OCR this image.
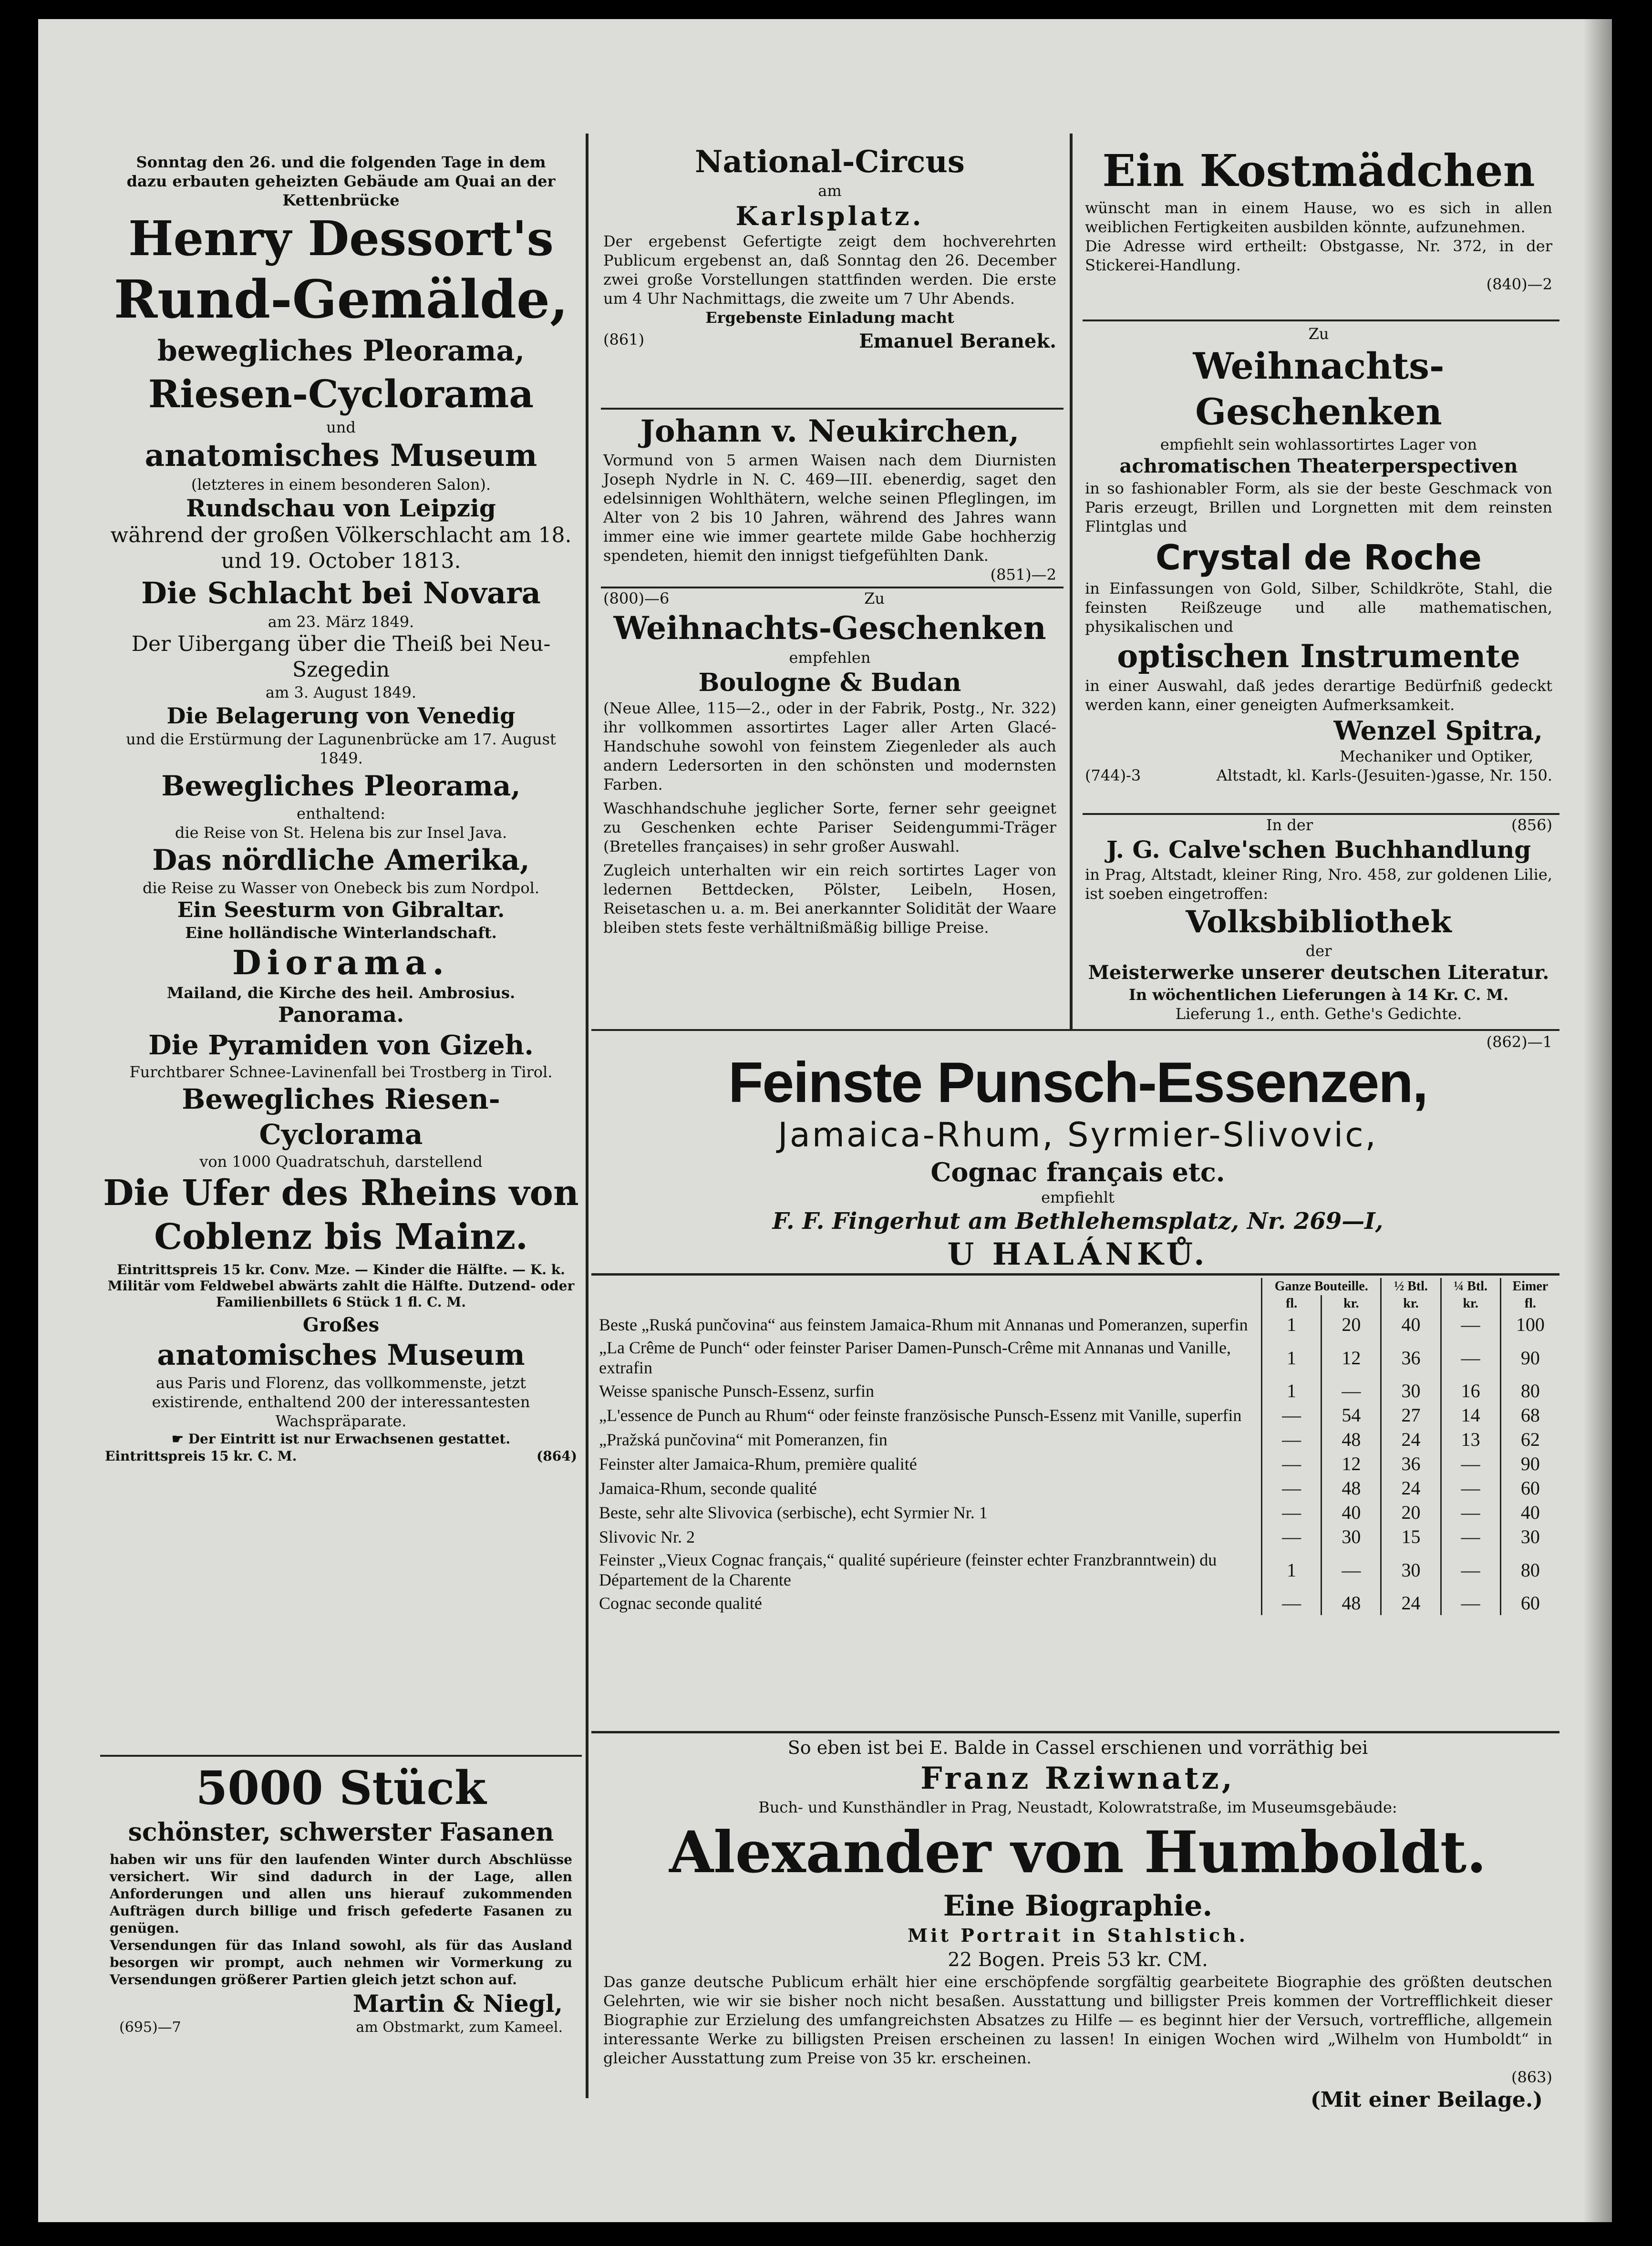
Sonntag den 26. und die folgenden Tage in dem dazu erbauten geheizten Gebäude am Quai an der Kettenbrücke

Henry Dessort's

Rund-Gemälde,

bewegliches Pleorama,

Riesen-Cyclorama

und

anatomisches Museum

(letzteres in einem besonderen Salon).

Rundschau von Leipzig

während der großen Völkerschlacht am 18. und 19. October 1813.

Die Schlacht bei Novara

am 23. März 1849.

Der Uibergang über die Theiß bei Neu-Szegedin

am 3. August 1849.

Die Belagerung von Venedig

und die Erstürmung der Lagunenbrücke am 17. August 1849.

Bewegliches Pleorama,

enthaltend:

die Reise von St. Helena bis zur Insel Java.

Das nördliche Amerika,

die Reise zu Wasser von Onebeck bis zum Nordpol.

Ein Seesturm von Gibraltar.

Eine holländische Winterlandschaft.

Diorama.

Mailand, die Kirche des heil. Ambrosius.

Panorama.

Die Pyramiden von Gizeh.

Furchtbarer Schnee-Lavinenfall bei Trostberg in Tirol.

Bewegliches Riesen-Cyclorama

von 1000 Quadratschuh, darstellend

Die Ufer des Rheins von Coblenz bis Mainz.

Eintrittspreis 15 kr. Conv. Mze. — Kinder die Hälfte. — K. k. Militär vom Feldwebel abwärts zahlt die Hälfte. Dutzend- oder Familienbillets 6 Stück 1 fl. C. M.

Großes

anatomisches Museum

aus Paris und Florenz, das vollkommenste, jetzt existirende, enthaltend 200 der interessantesten Wachspräparate.

☛ Der Eintritt ist nur Erwachsenen gestattet.

Eintrittspreis 15 kr. C. M.	(864)

5000 Stück

schönster, schwerster Fasanen

haben wir uns für den laufenden Winter durch Abschlüsse versichert. Wir sind dadurch in der Lage, allen Anforderungen und allen uns hierauf zukommenden Aufträgen durch billige und frisch gefederte Fasanen zu genügen.

Versendungen für das Inland sowohl, als für das Ausland besorgen wir prompt, auch nehmen wir Vormerkung zu Versendungen größerer Partien gleich jetzt schon auf.

Martin & Niegl,

(695)—7	am Obstmarkt, zum Kameel.

National-Circus

am

Karlsplatz.

Der ergebenst Gefertigte zeigt dem hochverehrten Publicum ergebenst an, daß Sonntag den 26. December zwei große Vorstellungen stattfinden werden. Die erste um 4 Uhr Nachmittags, die zweite um 7 Uhr Abends.

Ergebenste Einladung macht

(861)	Emanuel Beranek.

Johann v. Neukirchen,

Vormund von 5 armen Waisen nach dem Diurnisten Joseph Nydrle in N. C. 469—III. ebenerdig, saget den edelsinnigen Wohlthätern, welche seinen Pfleglingen, im Alter von 2 bis 10 Jahren, während des Jahres wann immer eine wie immer geartete milde Gabe hochherzig spendeten, hiemit den innigst tiefgefühlten Dank.

(851)—2

(800)—6	Zu

Weihnachts-Geschenken

empfehlen

Boulogne & Budan

(Neue Allee, 115—2., oder in der Fabrik, Postg., Nr. 322) ihr vollkommen assortirtes Lager aller Arten Glacé-Handschuhe sowohl von feinstem Ziegenleder als auch andern Ledersorten in den schönsten und modernsten Farben.

Waschhandschuhe jeglicher Sorte, ferner sehr geeignet zu Geschenken echte Pariser Seidengummi-Träger (Bretelles françaises) in sehr großer Auswahl.

Zugleich unterhalten wir ein reich sortirtes Lager von ledernen Bettdecken, Pölster, Leibeln, Hosen, Reisetaschen u. a. m. Bei anerkannter Solidität der Waare bleiben stets feste verhältnißmäßig billige Preise.

Ein Kostmädchen

wünscht man in einem Hause, wo es sich in allen weiblichen Fertigkeiten ausbilden könnte, aufzunehmen.

Die Adresse wird ertheilt: Obstgasse, Nr. 372, in der Stickerei-Handlung.

(840)—2

Zu

Weihnachts-Geschenken

empfiehlt sein wohlassortirtes Lager von

achromatischen Theaterperspectiven

in so fashionabler Form, als sie der beste Geschmack von Paris erzeugt, Brillen und Lorgnetten mit dem reinsten Flintglas und

Crystal de Roche

in Einfassungen von Gold, Silber, Schildkröte, Stahl, die feinsten Reißzeuge und alle mathematischen, physikalischen und

optischen Instrumente

in einer Auswahl, daß jedes derartige Bedürfniß gedeckt werden kann, einer geneigten Aufmerksamkeit.

Wenzel Spitra,

Mechaniker und Optiker,

(744)-3	Altstadt, kl. Karls-(Jesuiten-)gasse, Nr. 150.
In der	(856)

J. G. Calve'schen Buchhandlung

in Prag, Altstadt, kleiner Ring, Nro. 458, zur goldenen Lilie, ist soeben eingetroffen:

Volksbibliothek

der

Meisterwerke unserer deutschen Literatur.

In wöchentlichen Lieferungen à 14 Kr. C. M.

Lieferung 1., enth. Gethe's Gedichte.

(862)—1

Feinste Punsch-Essenzen,

Jamaica-Rhum, Syrmier-Slivovic,

Cognac français etc.

empfiehlt

F. F. Fingerhut am Bethlehemsplatz, Nr. 269—I,

U HALÁNKŮ.

	Ganze Bouteille.		½ Btl.	¼ Btl.	Eimer
	fl.	kr.	kr.	kr.	fl.
Beste „Ruská punčovina“ aus feinstem Jamaica-Rhum mit Annanas und Pomeranzen, superfin	1	20	40	—	100
„La Crême de Punch“ oder feinster Pariser Damen-Punsch-Crême mit Annanas und Vanille, extrafin	1	12	36	—	90
Weisse spanische Punsch-Essenz, surfin	1	—	30	16	80
„L'essence de Punch au Rhum“ oder feinste französische Punsch-Essenz mit Vanille, superfin	—	54	27	14	68
„Pražská punčovina“ mit Pomeranzen, fin	—	48	24	13	62
Feinster alter Jamaica-Rhum, première qualité	—	12	36	—	90
Jamaica-Rhum, seconde qualité	—	48	24	—	60
Beste, sehr alte Slivovica (serbische), echt Syrmier Nr. 1	—	40	20	—	40
Slivovic Nr. 2	—	30	15	—	30
Feinster „Vieux Cognac français,“ qualité supérieure (feinster echter Franzbranntwein) du Département de la Charente	1	—	30	—	80
Cognac seconde qualité	—	48	24	—	60

So eben ist bei E. Balde in Cassel erschienen und vorräthig bei

Franz Rziwnatz,

Buch- und Kunsthändler in Prag, Neustadt, Kolowratstraße, im Museumsgebäude:

Alexander von Humboldt.

Eine Biographie.

Mit Portrait in Stahlstich.

22 Bogen. Preis 53 kr. CM.

Das ganze deutsche Publicum erhält hier eine erschöpfende sorgfältig gearbeitete Biographie des größten deutschen Gelehrten, wie wir sie bisher noch nicht besaßen. Ausstattung und billigster Preis kommen der Vortrefflichkeit dieser Biographie zur Erzielung des umfangreichsten Absatzes zu Hilfe — es beginnt hier der Versuch, vortreffliche, allgemein interessante Werke zu billigsten Preisen erscheinen zu lassen! In einigen Wochen wird „Wilhelm von Humboldt“ in gleicher Ausstattung zum Preise von 35 kr. erscheinen.

(863)

(Mit einer Beilage.)
